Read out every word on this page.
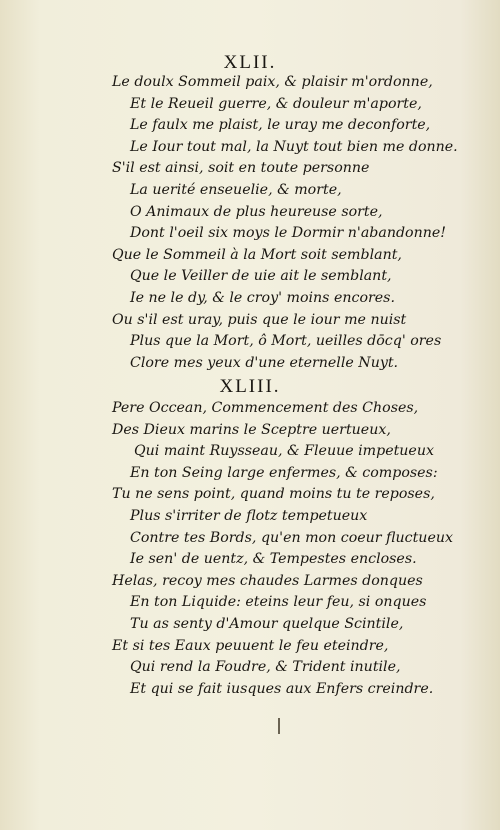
XLII.
Le doulx Sommeil paix, & plaisir m'ordonne,
Et le Reueil guerre, & douleur m'aporte,
Le faulx me plaist, le uray me deconforte,
Le Iour tout mal, la Nuyt tout bien me donne.
S'il est ainsi, soit en toute personne
La uerité enseuelie, & morte,
O Animaux de plus heureuse sorte,
Dont l'oeil six moys le Dormir n'abandonne!
Que le Sommeil à la Mort soit semblant,
Que le Veiller de uie ait le semblant,
Ie ne le dy, & le croy' moins encores.
Ou s'il est uray, puis que le iour me nuist
Plus que la Mort, ô Mort, ueilles dōcq' ores
Clore mes yeux d'une eternelle Nuyt.
XLIII.
Pere Occean, Commencement des Choses,
Des Dieux marins le Sceptre uertueux,
Qui maint Ruysseau, & Fleuue impetueux
En ton Seing large enfermes, & composes:
Tu ne sens point, quand moins tu te reposes,
Plus s'irriter de flotz tempetueux
Contre tes Bords, qu'en mon coeur fluctueux
Ie sen' de uentz, & Tempestes encloses.
Helas, recoy mes chaudes Larmes donques
En ton Liquide: eteins leur feu, si onques
Tu as senty d'Amour quelque Scintile,
Et si tes Eaux peuuent le feu eteindre,
Qui rend la Foudre, & Trident inutile,
Et qui se fait iusques aux Enfers creindre.
